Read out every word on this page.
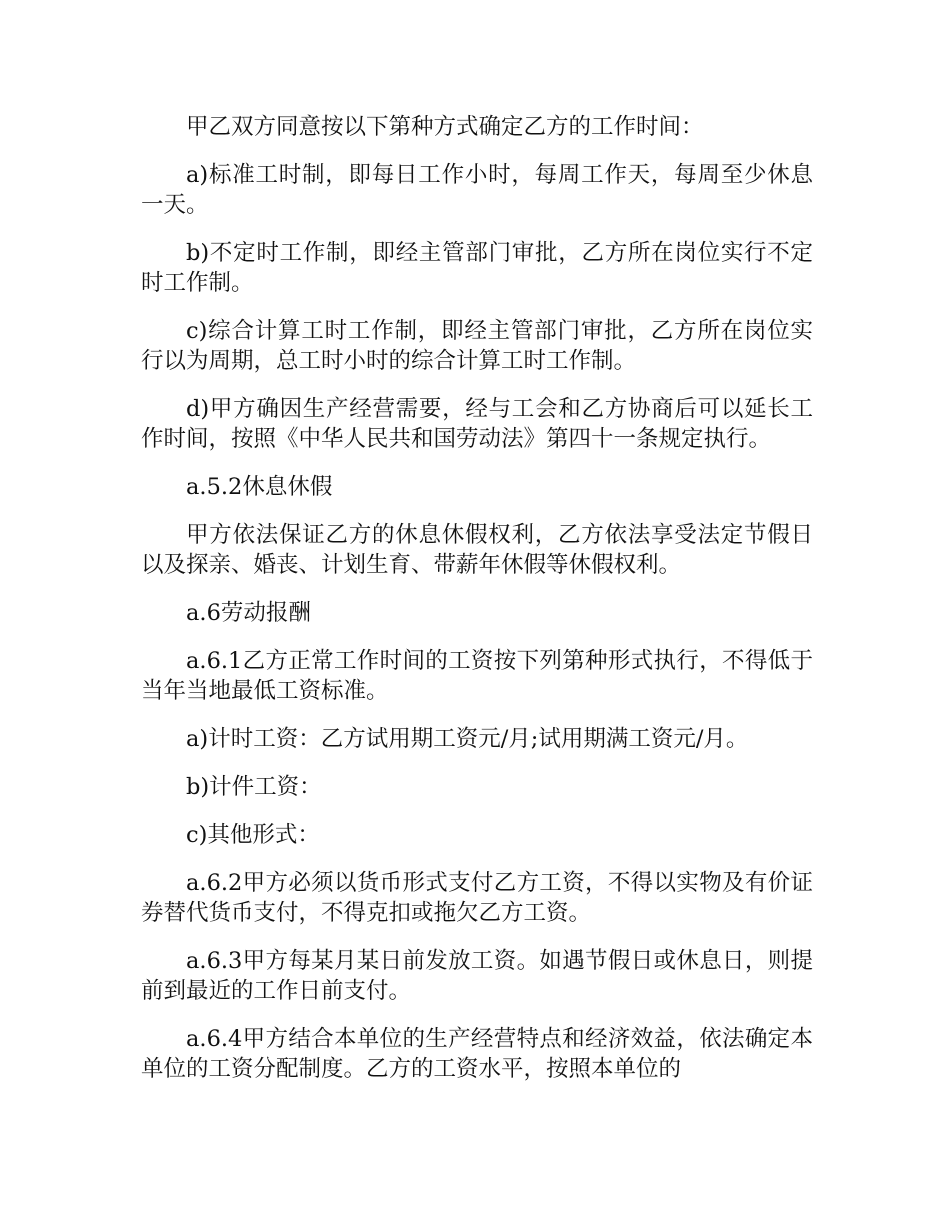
甲乙双方同意按以下第种方式确定乙方的工作时间：

a)标准工时制，即每日工作小时，每周工作天，每周至少休息一天。

b)不定时工作制，即经主管部门审批，乙方所在岗位实行不定时工作制。

c)综合计算工时工作制，即经主管部门审批，乙方所在岗位实行以为周期，总工时小时的综合计算工时工作制。

d)甲方确因生产经营需要，经与工会和乙方协商后可以延长工作时间，按照《中华人民共和国劳动法》第四十一条规定执行。

a.5.2休息休假

甲方依法保证乙方的休息休假权利，乙方依法享受法定节假日以及探亲、婚丧、计划生育、带薪年休假等休假权利。

a.6劳动报酬

a.6.1乙方正常工作时间的工资按下列第种形式执行，不得低于当年当地最低工资标准。

a)计时工资：乙方试用期工资元/月;试用期满工资元/月。

b)计件工资：

c)其他形式：

a.6.2甲方必须以货币形式支付乙方工资，不得以实物及有价证券替代货币支付，不得克扣或拖欠乙方工资。

a.6.3甲方每某月某日前发放工资。如遇节假日或休息日，则提前到最近的工作日前支付。

a.6.4甲方结合本单位的生产经营特点和经济效益，依法确定本单位的工资分配制度。乙方的工资水平，按照本单位的
